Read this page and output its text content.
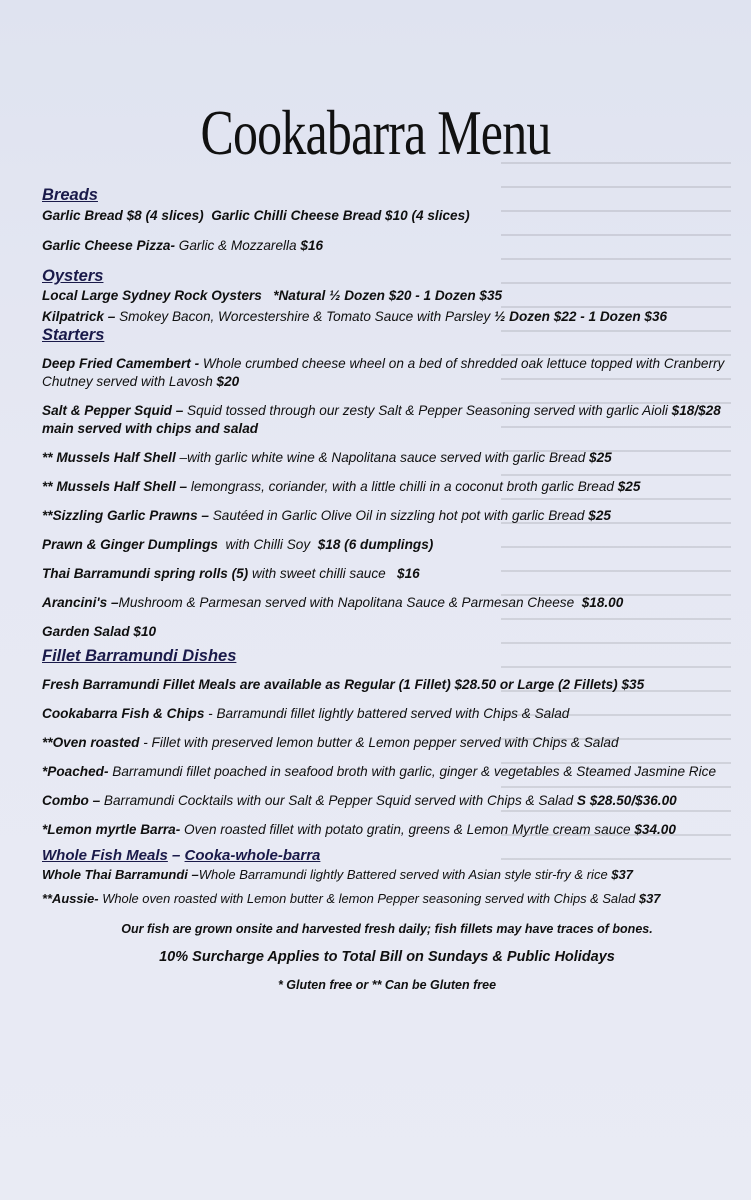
Cookabarra Menu

Breads

Garlic Bread $8 (4 slices) Garlic Chilli Cheese Bread $10 (4 slices)

Garlic Cheese Pizza- Garlic & Mozzarella $16

Oysters

Local Large Sydney Rock Oysters   *Natural ½ Dozen $20 - 1 Dozen $35

Kilpatrick – Smokey Bacon, Worcestershire & Tomato Sauce with Parsley ½ Dozen $22 - 1 Dozen $36

Starters

Deep Fried Camembert - Whole crumbed cheese wheel on a bed of shredded oak lettuce topped with Cranberry Chutney served with Lavosh $20

Salt & Pepper Squid – Squid tossed through our zesty Salt & Pepper Seasoning served with garlic Aioli $18/$28 main served with chips and salad

** Mussels Half Shell –with garlic white wine & Napolitana sauce served with garlic Bread $25

** Mussels Half Shell – lemongrass, coriander, with a little chilli in a coconut broth garlic Bread $25

**Sizzling Garlic Prawns – Sautéed in Garlic Olive Oil in sizzling hot pot with garlic Bread $25

Prawn & Ginger Dumplings  with Chilli Soy  $18 (6 dumplings)

Thai Barramundi spring rolls (5) with sweet chilli sauce   $16

Arancini's –Mushroom & Parmesan served with Napolitana Sauce & Parmesan Cheese  $18.00

Garden Salad $10

Fillet Barramundi Dishes

Fresh Barramundi Fillet Meals are available as Regular (1 Fillet) $28.50 or Large (2 Fillets) $35

Cookabarra Fish & Chips - Barramundi fillet lightly battered served with Chips & Salad

**Oven roasted - Fillet with preserved lemon butter & Lemon pepper served with Chips & Salad

*Poached- Barramundi fillet poached in seafood broth with garlic, ginger & vegetables & Steamed Jasmine Rice

Combo – Barramundi Cocktails with our Salt & Pepper Squid served with Chips & Salad S $28.50/$36.00

*Lemon myrtle Barra- Oven roasted fillet with potato gratin, greens & Lemon Myrtle cream sauce $34.00

Whole Fish Meals – Cooka-whole-barra

Whole Thai Barramundi –Whole Barramundi lightly Battered served with Asian style stir-fry & rice $37

**Aussie- Whole oven roasted with Lemon butter & lemon Pepper seasoning served with Chips & Salad $37

Our fish are grown onsite and harvested fresh daily; fish fillets may have traces of bones.

10% Surcharge Applies to Total Bill on Sundays & Public Holidays

* Gluten free or ** Can be Gluten free
